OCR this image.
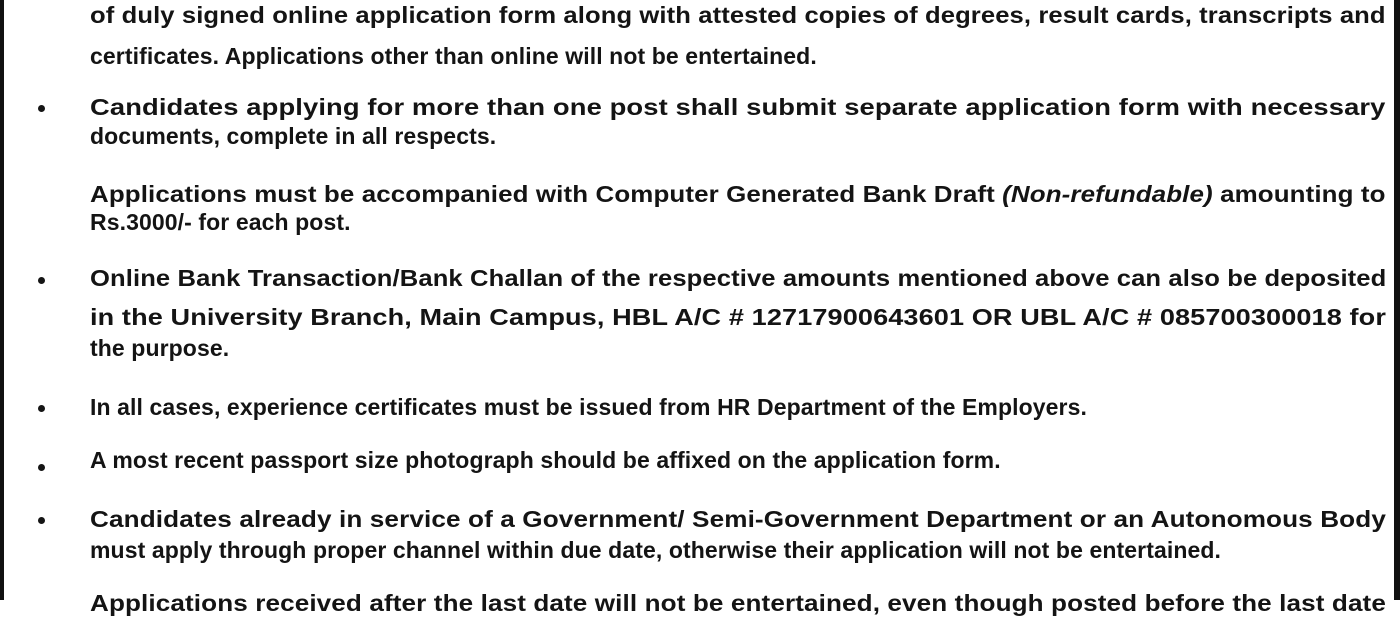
of duly signed online application form along with attested copies of degrees, result cards, transcripts and
certificates. Applications other than online will not be entertained.
Candidates applying for more than one post shall submit separate application form with necessary
documents, complete in all respects.
Applications must be accompanied with Computer Generated Bank Draft (Non-refundable) amounting to
Rs.3000/- for each post.
Online Bank Transaction/Bank Challan of the respective amounts mentioned above can also be deposited
in the University Branch, Main Campus, HBL A/C # 12717900643601 OR UBL A/C # 085700300018 for
the purpose.
In all cases, experience certificates must be issued from HR Department of the Employers.
A most recent passport size photograph should be affixed on the application form.
Candidates already in service of a Government/ Semi-Government Department or an Autonomous Body
must apply through proper channel within due date, otherwise their application will not be entertained.
Applications received after the last date will not be entertained, even though posted before the last date
